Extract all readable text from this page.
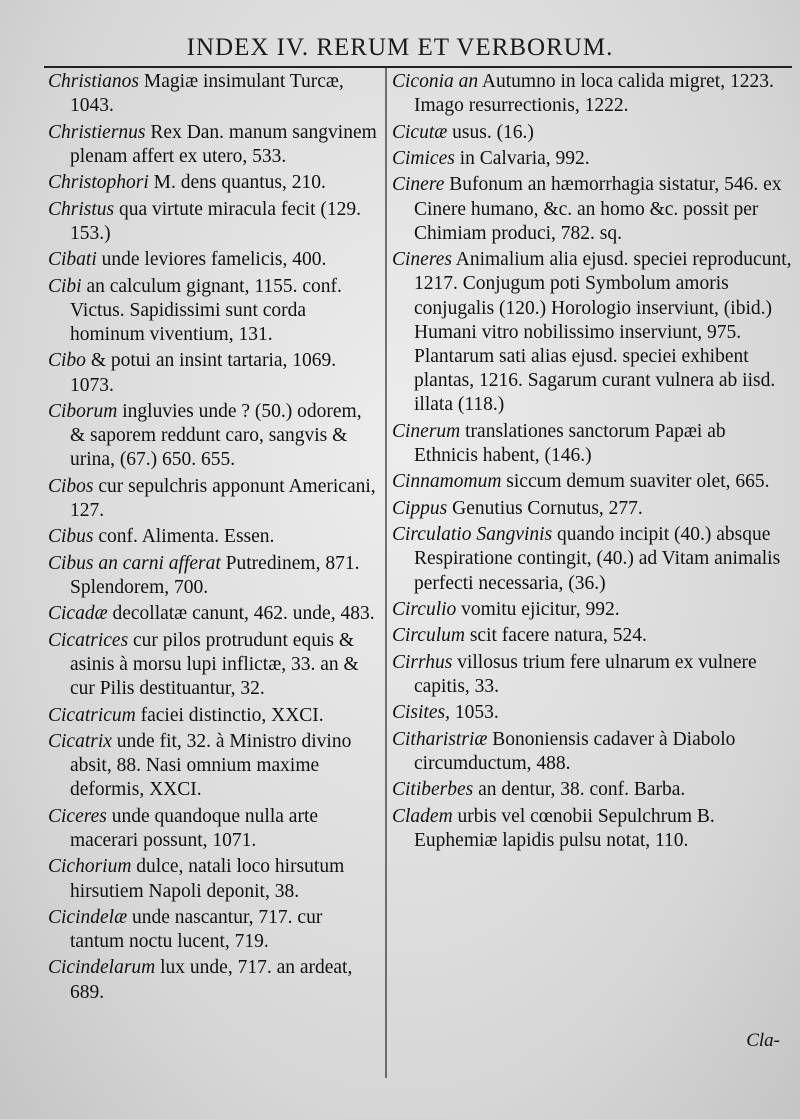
INDEX IV. RERUM ET VERBORUM.
Christianos Magiæ insimulant Turcæ, 1043.
Christiernus Rex Dan. manum sangvinem plenam affert ex utero, 533.
Christophori M. dens quantus, 210.
Christus qua virtute miracula fecit (129. 153.)
Cibati unde leviores famelicis, 400.
Cibi an calculum gignant, 1155. conf. Victus. Sapidissimi sunt corda hominum viventium, 131.
Cibo & potui an insint tartaria, 1069. 1073.
Ciborum ingluvies unde ? (50.) odorem, & saporem reddunt caro, sangvis & urina, (67.) 650. 655.
Cibos cur sepulchris apponunt Americani, 127.
Cibus conf. Alimenta. Essen.
Cibus an carni afferat Putredinem, 871. Splendorem, 700.
Cicadæ decollatæ canunt, 462. unde, 483.
Cicatrices cur pilos protrudunt equis & asinis à morsu lupi inflictæ, 33. an & cur Pilis destituantur, 32.
Cicatricum faciei distinctio, XXCI.
Cicatrix unde fit, 32. à Ministro divino absit, 88. Nasi omnium maxime deformis, XXCI.
Ciceres unde quandoque nulla arte macerari possunt, 1071.
Cichorium dulce, natali loco hirsutum hirsutiem Napoli deponit, 38.
Cicindelæ unde nascantur, 717. cur tantum noctu lucent, 719.
Cicindelarum lux unde, 717. an ardeat, 689.
Ciconia an Autumno in loca calida migret, 1223. Imago resurrectionis, 1222.
Cicutæ usus. (16.)
Cimices in Calvaria, 992.
Cinere Bufonum an hæmorrhagia sistatur, 546. ex Cinere humano, &c. an homo &c. possit per Chimiam produci, 782. sq.
Cineres Animalium alia ejusd. speciei reproducunt, 1217. Conjugum poti Symbolum amoris conjugalis (120.) Horologio inserviunt, (ibid.) Humani vitro nobilissimo inserviunt, 975. Plantarum sati alias ejusd. speciei exhibent plantas, 1216. Sagarum curant vulnera ab iisd. illata (118.)
Cinerum translationes sanctorum Papæi ab Ethnicis habent, (146.)
Cinnamomum siccum demum suaviter olet, 665.
Cippus Genutius Cornutus, 277.
Circulatio Sangvinis quando incipit (40.) absque Respiratione contingit, (40.) ad Vitam animalis perfecti necessaria, (36.)
Circulio vomitu ejicitur, 992.
Circulum scit facere natura, 524.
Cirrhus villosus trium fere ulnarum ex vulnere capitis, 33.
Cisites, 1053.
Citharistriæ Bononiensis cadaver à Diabolo circumductum, 488.
Citiberbes an dentur, 38. conf. Barba.
Cladem urbis vel cœnobii Sepulchrum B. Euphemiæ lapidis pulsu notat, 110.
Cla-
